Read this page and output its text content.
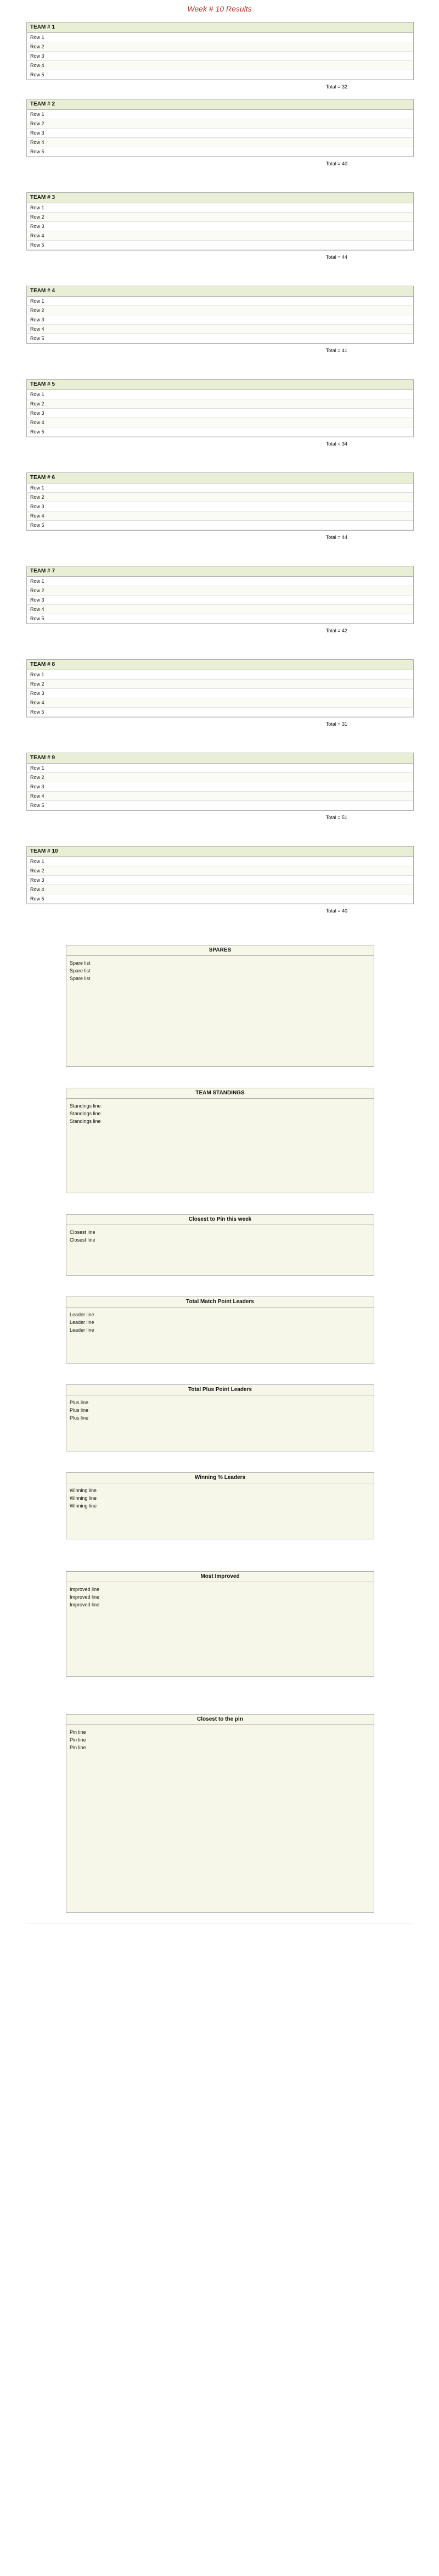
Week # 10 Results
TEAM # 1
Row 1
Row 2
Row 3
Row 4
Row 5
Total = 32
TEAM # 2
Row 1
Row 2
Row 3
Row 4
Row 5
Total = 40
TEAM # 3
Row 1
Row 2
Row 3
Row 4
Row 5
Total = 44
TEAM # 4
Row 1
Row 2
Row 3
Row 4
Row 5
Total = 41
TEAM # 5
Row 1
Row 2
Row 3
Row 4
Row 5
Total = 34
TEAM # 6
Row 1
Row 2
Row 3
Row 4
Row 5
Total = 44
TEAM # 7
Row 1
Row 2
Row 3
Row 4
Row 5
Total = 42
TEAM # 8
Row 1
Row 2
Row 3
Row 4
Row 5
Total = 31
TEAM # 9
Row 1
Row 2
Row 3
Row 4
Row 5
Total = 51
TEAM # 10
Row 1
Row 2
Row 3
Row 4
Row 5
Total = 40
SPARES
Spare list
Spare list
Spare list
TEAM STANDINGS
Standings line
Standings line
Standings line
Closest to Pin this week
Closest line
Closest line
Total Match Point Leaders
Leader line
Leader line
Leader line
Total Plus Point Leaders
Plus line
Plus line
Plus line
Winning % Leaders
Winning line
Winning line
Winning line
Most Improved
Improved line
Improved line
Improved line
Closest to the pin
Pin line
Pin line
Pin line
